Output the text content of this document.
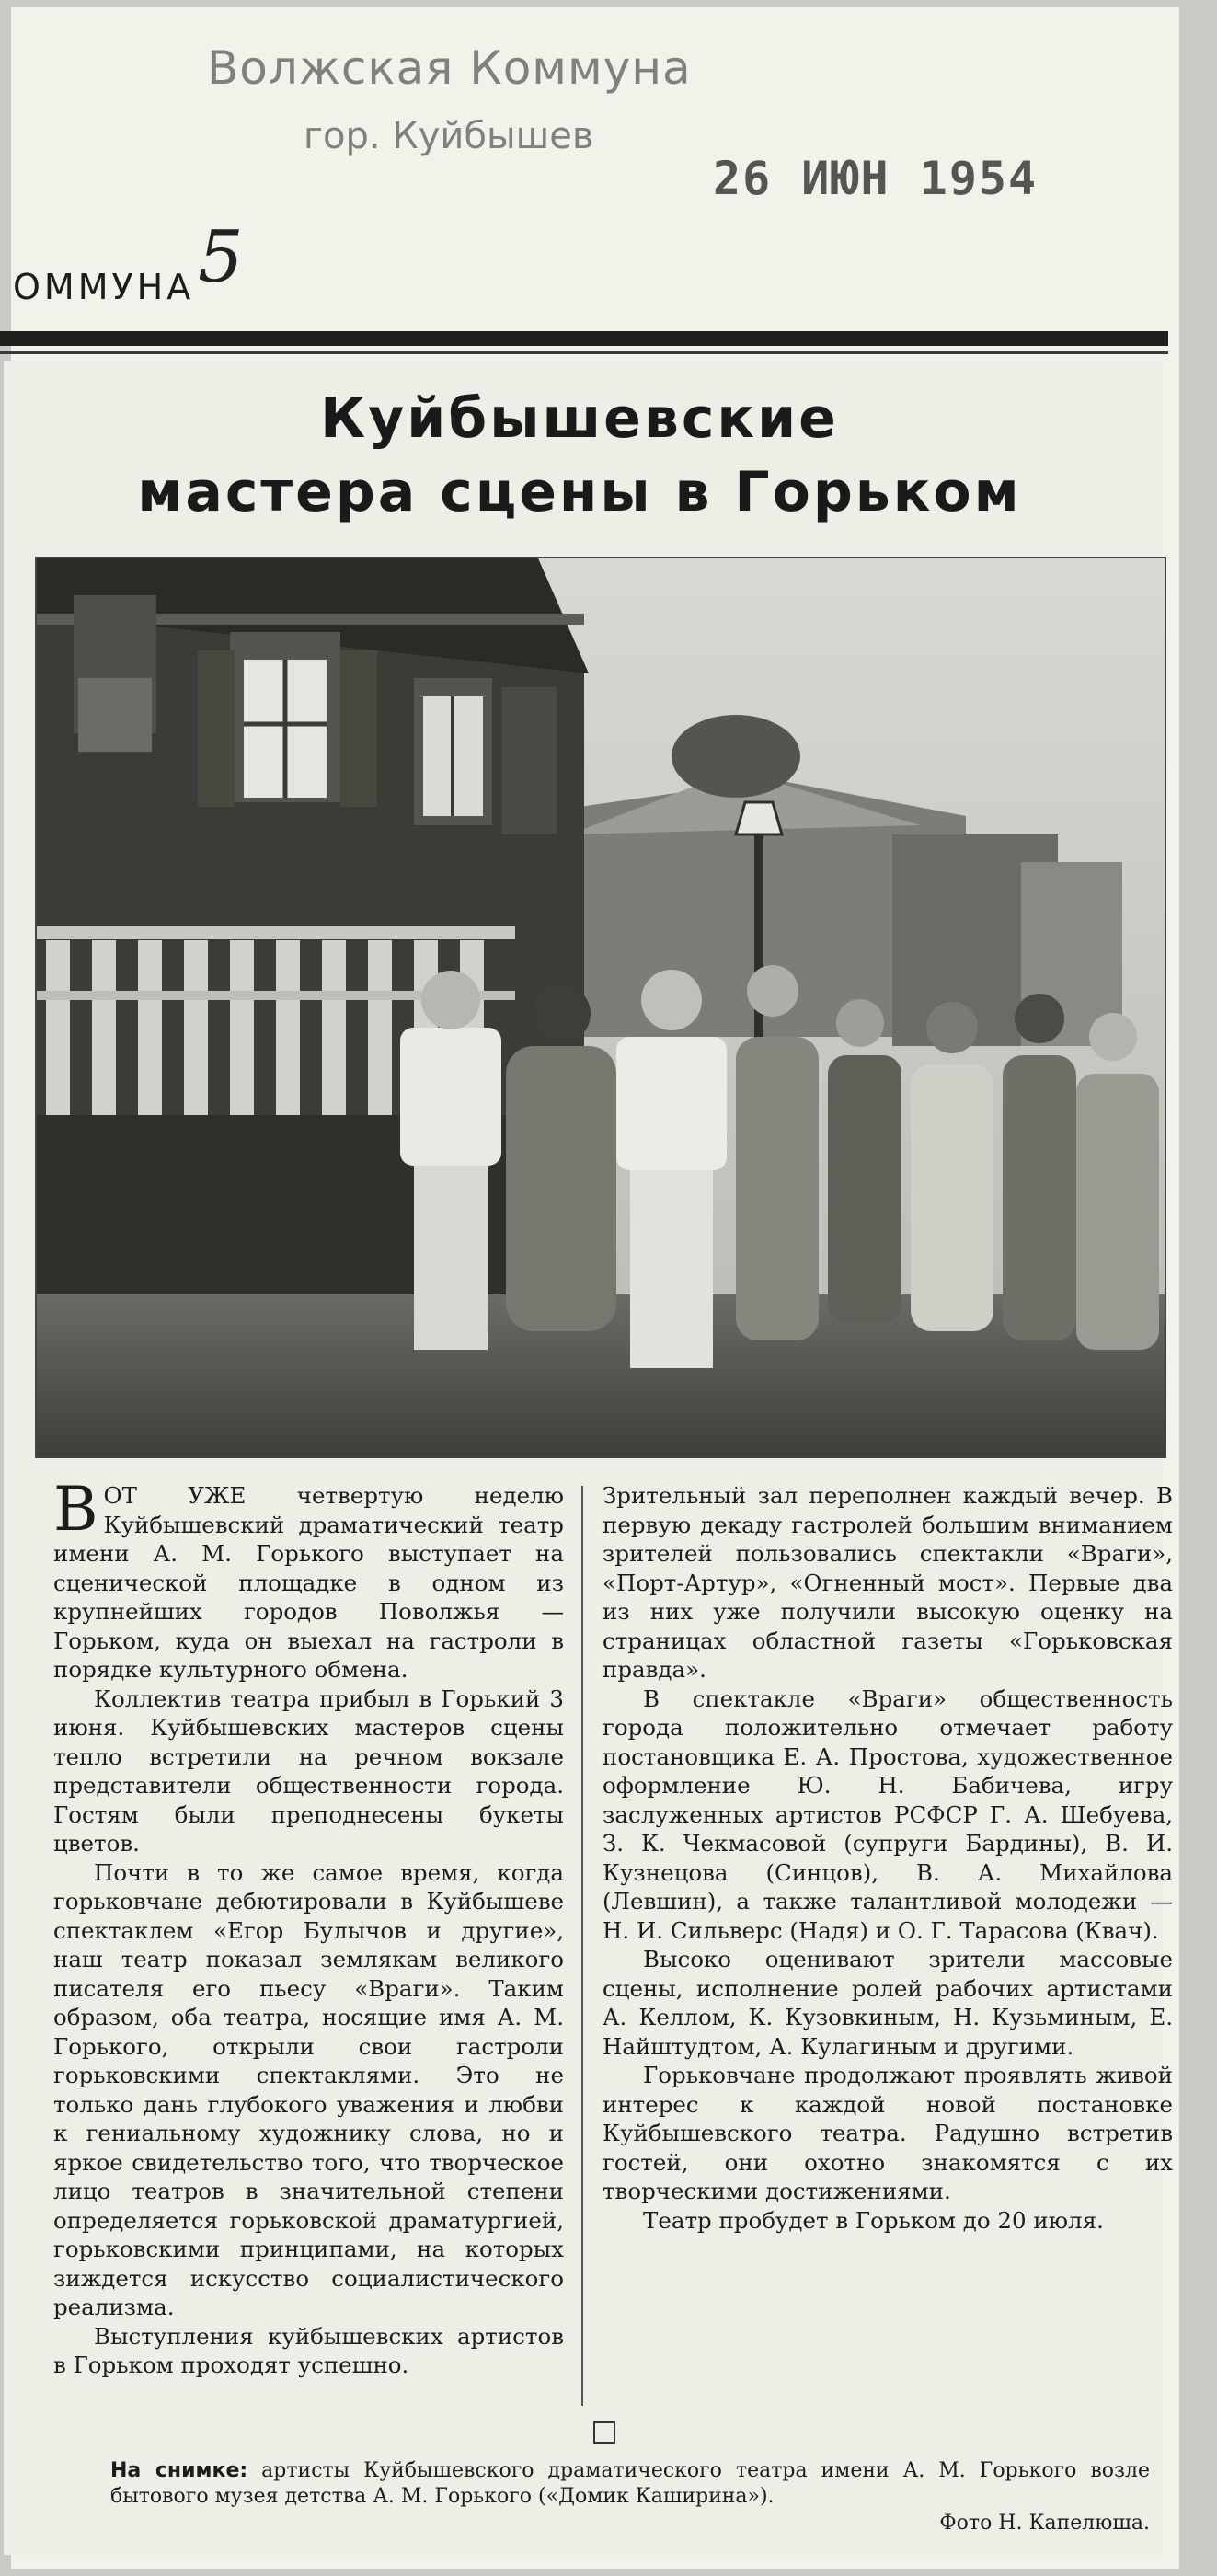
Волжская Коммуна
гор. Куйбышев
26 ИЮН 1954
ОММУНА 5
Куйбышевские
мастера сцены в Горьком

ВОТ УЖЕ четвертую неделю Куйбышевский драматический театр имени А. М. Горького выступает на сценической площадке в одном из крупнейших городов Поволжья — Горьком, куда он выехал на гастроли в порядке культурного обмена.

Коллектив театра прибыл в Горький 3 июня. Куйбышевских мастеров сцены тепло встретили на речном вокзале представители общественности города. Гостям были преподнесены букеты цветов.

Почти в то же самое время, когда горьковчане дебютировали в Куйбышеве спектаклем «Егор Булычов и другие», наш театр показал землякам великого писателя его пьесу «Враги». Таким образом, оба театра, носящие имя А. М. Горького, открыли свои гастроли горьковскими спектаклями. Это не только дань глубокого уважения и любви к гениальному художнику слова, но и яркое свидетельство того, что творческое лицо театров в значительной степени определяется горьковской драматургией, горьковскими принципами, на которых зиждется искусство социалистического реализма.

Выступления куйбышевских артистов в Горьком проходят успешно.

Зрительный зал переполнен каждый вечер. В первую декаду гастролей большим вниманием зрителей пользовались спектакли «Враги», «Порт-Артур», «Огненный мост». Первые два из них уже получили высокую оценку на страницах областной газеты «Горьковская правда».

В спектакле «Враги» общественность города положительно отмечает работу постановщика Е. А. Простова, художественное оформление Ю. Н. Бабичева, игру заслуженных артистов РСФСР Г. А. Шебуева, З. К. Чекмасовой (супруги Бардины), В. И. Кузнецова (Синцов), В. А. Михайлова (Левшин), а также талантливой молодежи — Н. И. Сильверс (Надя) и О. Г. Тарасова (Квач).

Высоко оценивают зрители массовые сцены, исполнение ролей рабочих артистами А. Келлом, К. Кузовкиным, Н. Кузьминым, Е. Найштудтом, А. Кулагиным и другими.

Горьковчане продолжают проявлять живой интерес к каждой новой постановке Куйбышевского театра. Радушно встретив гостей, они охотно знакомятся с их творческими достижениями.

Театр пробудет в Горьком до 20 июля.

На снимке: артисты Куйбышевского драматического театра имени А. М. Горького возле бытового музея детства А. М. Горького («Домик Каширина»).
Фото Н. Капелюша.
